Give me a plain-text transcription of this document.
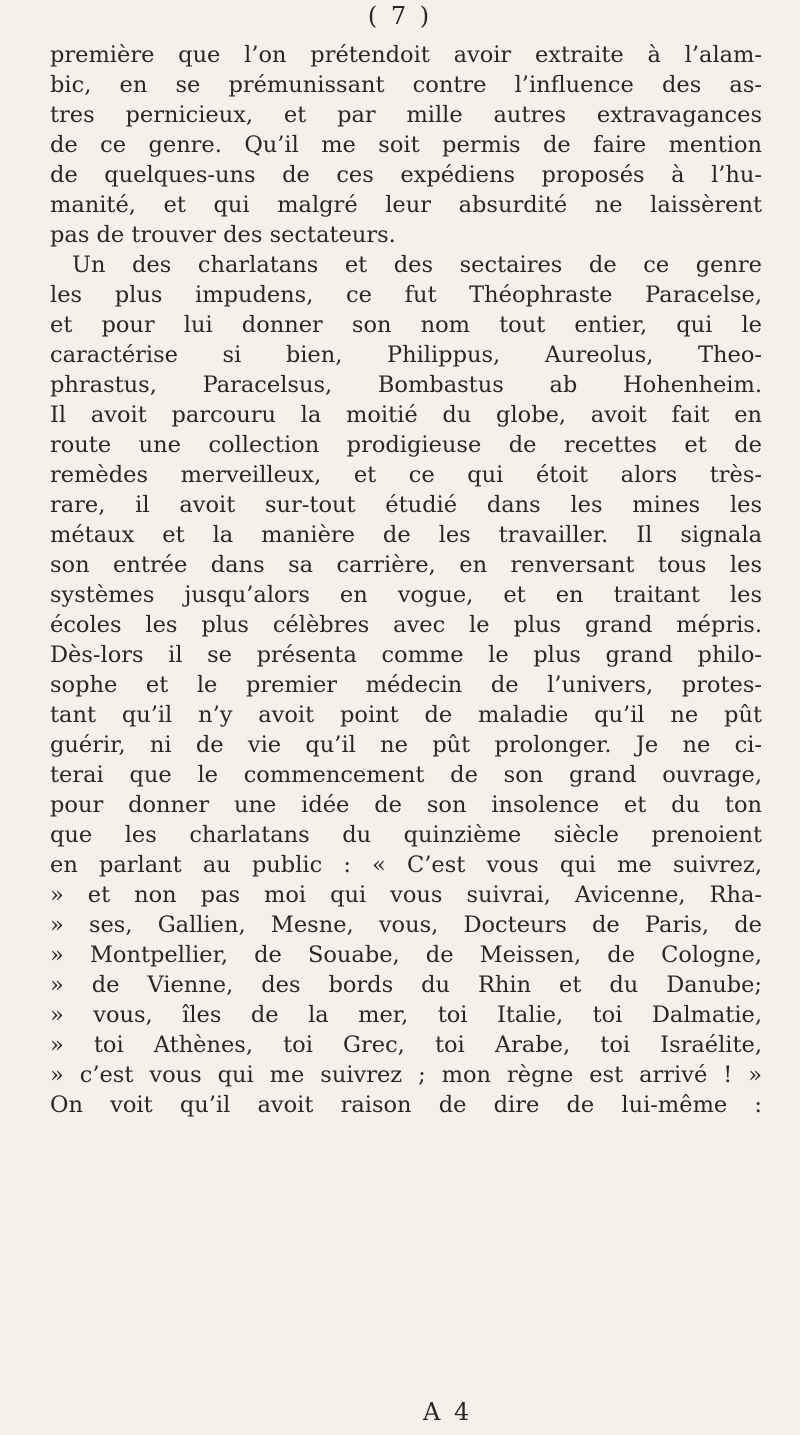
( 7 )
première que l’on prétendoit avoir extraite à l’alam-
bic, en se prémunissant contre l’influence des as-
tres pernicieux, et par mille autres extravagances
de ce genre. Qu’il me soit permis de faire mention
de quelques-uns de ces expédiens proposés à l’hu-
manité, et qui malgré leur absurdité ne laissèrent
pas de trouver des sectateurs.
Un des charlatans et des sectaires de ce genre
les plus impudens, ce fut Théophraste Paracelse,
et pour lui donner son nom tout entier, qui le
caractérise si bien, Philippus, Aureolus, Theo-
phrastus, Paracelsus, Bombastus ab Hohenheim.
Il avoit parcouru la moitié du globe, avoit fait en
route une collection prodigieuse de recettes et de
remèdes merveilleux, et ce qui étoit alors très-
rare, il avoit sur-tout étudié dans les mines les
métaux et la manière de les travailler. Il signala
son entrée dans sa carrière, en renversant tous les
systèmes jusqu’alors en vogue, et en traitant les
écoles les plus célèbres avec le plus grand mépris.
Dès-lors il se présenta comme le plus grand philo-
sophe et le premier médecin de l’univers, protes-
tant qu’il n’y avoit point de maladie qu’il ne pût
guérir, ni de vie qu’il ne pût prolonger. Je ne ci-
terai que le commencement de son grand ouvrage,
pour donner une idée de son insolence et du ton
que les charlatans du quinzième siècle prenoient
en parlant au public : « C’est vous qui me suivrez,
» et non pas moi qui vous suivrai, Avicenne, Rha-
» ses, Gallien, Mesne, vous, Docteurs de Paris, de
» Montpellier, de Souabe, de Meissen, de Cologne,
» de Vienne, des bords du Rhin et du Danube;
» vous, îles de la mer, toi Italie, toi Dalmatie,
» toi Athènes, toi Grec, toi Arabe, toi Israélite,
» c’est vous qui me suivrez ; mon règne est arrivé ! »
On voit qu’il avoit raison de dire de lui-même :
A 4
